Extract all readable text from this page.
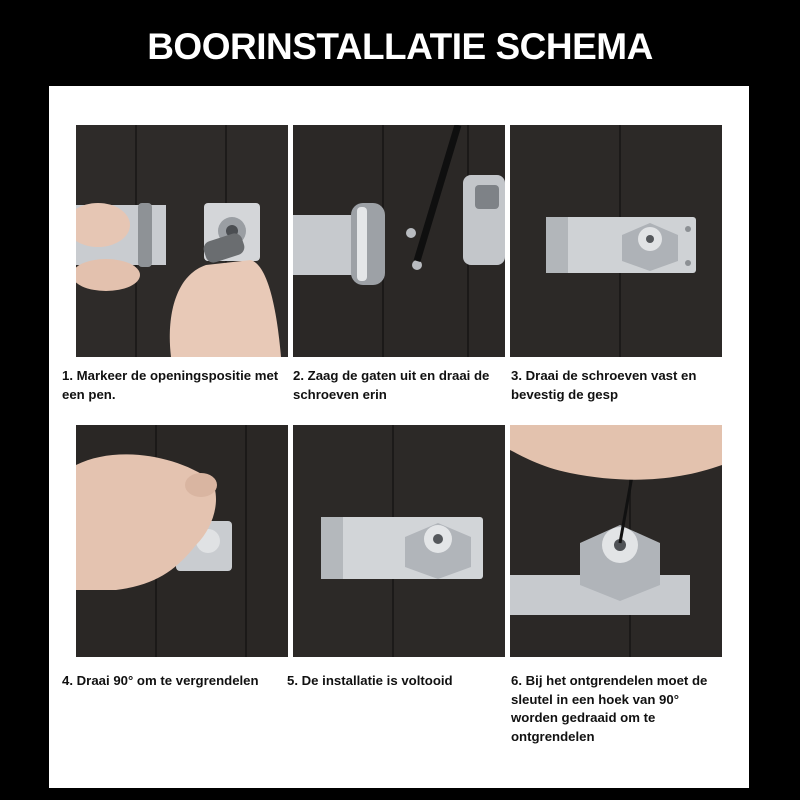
BOORINSTALLATIE SCHEMA
1. Markeer de openingspositie met een pen.
2. Zaag de gaten uit en draai de schroeven erin
3. Draai de schroeven vast en bevestig de gesp
4. Draai 90° om te vergrendelen	5. De installatie is voltooid	6. Bij het ontgrendelen moet de sleutel in een hoek van 90° worden gedraaid om te ontgrendelen
